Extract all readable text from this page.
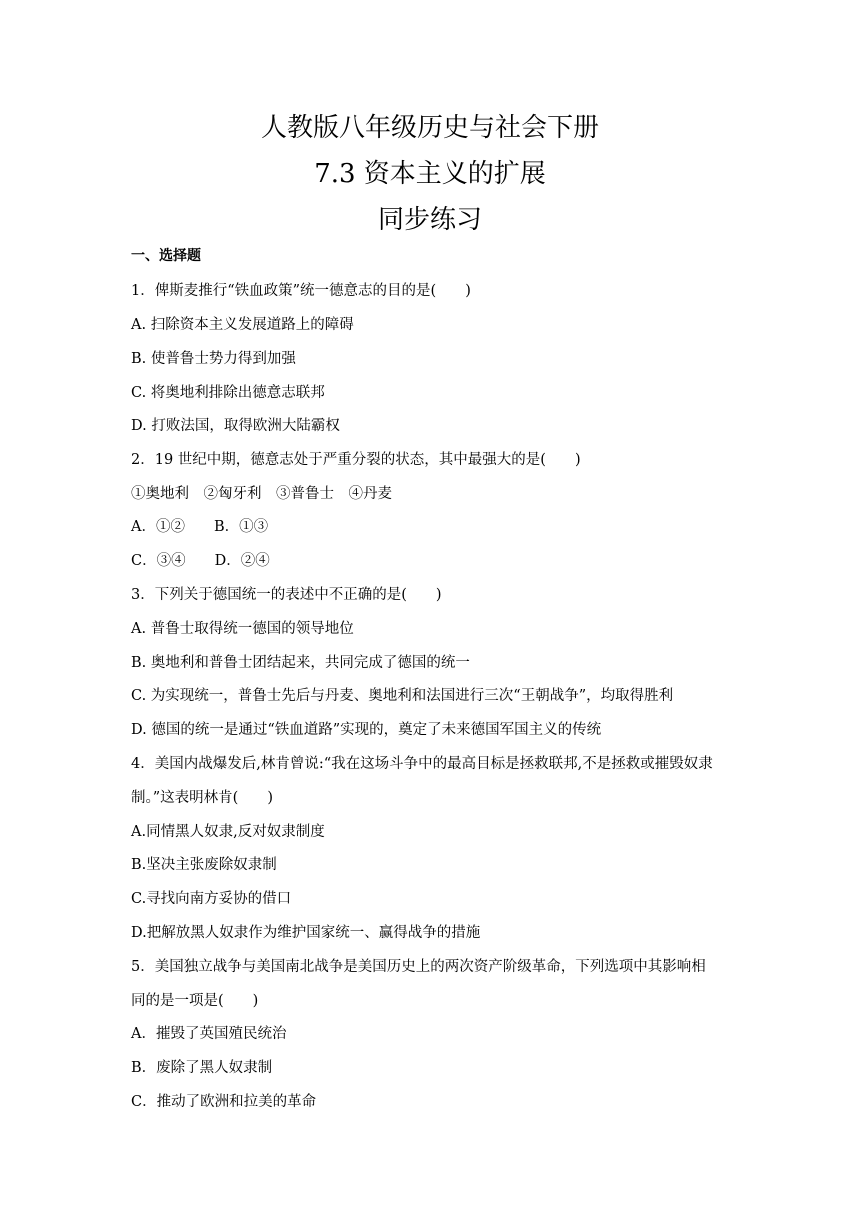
人教版八年级历史与社会下册
7.3 资本主义的扩展
同步练习
一、选择题
1．俾斯麦推行“铁血政策”统一德意志的目的是(　　)
A. 扫除资本主义发展道路上的障碍
B. 使普鲁士势力得到加强
C. 将奥地利排除出德意志联邦
D. 打败法国，取得欧洲大陆霸权
2．19 世纪中期，德意志处于严重分裂的状态，其中最强大的是(　　)
①奥地利　②匈牙利　③普鲁士　④丹麦
A．①②　　B．①③
C．③④　　D．②④
3．下列关于德国统一的表述中不正确的是(　　)
A. 普鲁士取得统一德国的领导地位
B. 奥地利和普鲁士团结起来，共同完成了德国的统一
C. 为实现统一，普鲁士先后与丹麦、奥地利和法国进行三次“王朝战争”，均取得胜利
D. 德国的统一是通过“铁血道路”实现的，奠定了未来德国军国主义的传统
4．美国内战爆发后,林肯曾说:“我在这场斗争中的最高目标是拯救联邦,不是拯救或摧毁奴隶
制。”这表明林肯(　　)
A.同情黑人奴隶,反对奴隶制度
B.坚决主张废除奴隶制
C.寻找向南方妥协的借口
D.把解放黑人奴隶作为维护国家统一、赢得战争的措施
5．美国独立战争与美国南北战争是美国历史上的两次资产阶级革命，下列选项中其影响相
同的是一项是(　　)
A．摧毁了英国殖民统治
B．废除了黑人奴隶制
C．推动了欧洲和拉美的革命
